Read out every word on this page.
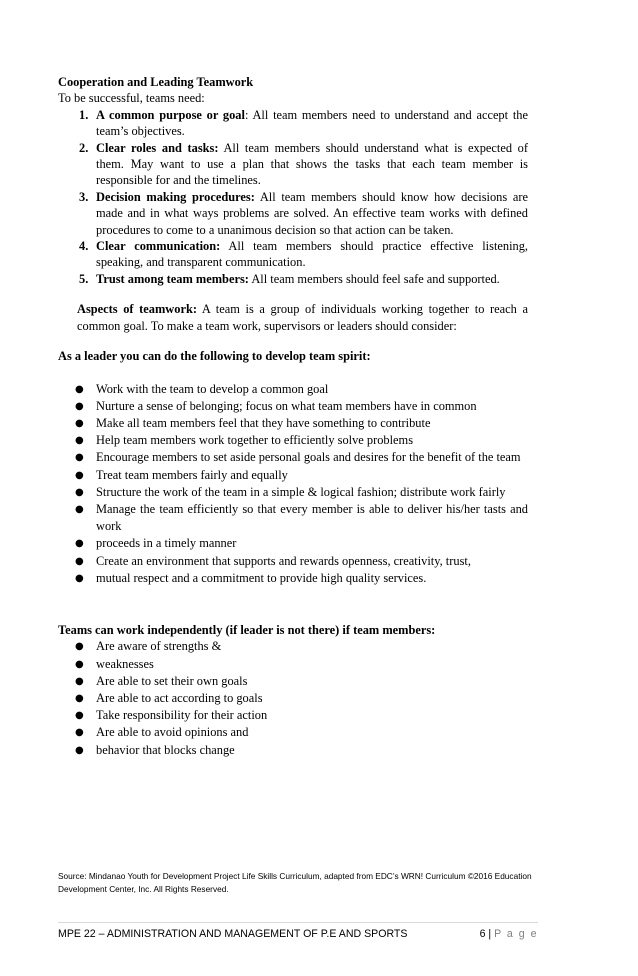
Cooperation and Leading Teamwork
To be successful, teams need:
1. A common purpose or goal: All team members need to understand and accept the team’s objectives.
2. Clear roles and tasks: All team members should understand what is expected of them. May want to use a plan that shows the tasks that each team member is responsible for and the timelines.
3. Decision making procedures: All team members should know how decisions are made and in what ways problems are solved. An effective team works with defined procedures to come to a unanimous decision so that action can be taken.
4. Clear communication: All team members should practice effective listening, speaking, and transparent communication.
5. Trust among team members: All team members should feel safe and supported.
Aspects of teamwork: A team is a group of individuals working together to reach a common goal. To make a team work, supervisors or leaders should consider:
As a leader you can do the following to develop team spirit:
● Work with the team to develop a common goal
● Nurture a sense of belonging; focus on what team members have in common
● Make all team members feel that they have something to contribute
● Help team members work together to efficiently solve problems
● Encourage members to set aside personal goals and desires for the benefit of the team
● Treat team members fairly and equally
● Structure the work of the team in a simple & logical fashion; distribute work fairly
● Manage the team efficiently so that every member is able to deliver his/her tasts and work
● proceeds in a timely manner
● Create an environment that supports and rewards openness, creativity, trust,
● mutual respect and a commitment to provide high quality services.
Teams can work independently (if leader is not there) if team members:
● Are aware of strengths &
● weaknesses
● Are able to set their own goals
● Are able to act according to goals
● Take responsibility for their action
● Are able to avoid opinions and
● behavior that blocks change
Source: Mindanao Youth for Development Project Life Skills Curriculum, adapted from EDC’s WRN! Curriculum ©2016 Education Development Center, Inc. All Rights Reserved.
MPE 22 – ADMINISTRATION AND MANAGEMENT OF P.E AND SPORTS	6 | P a g e
